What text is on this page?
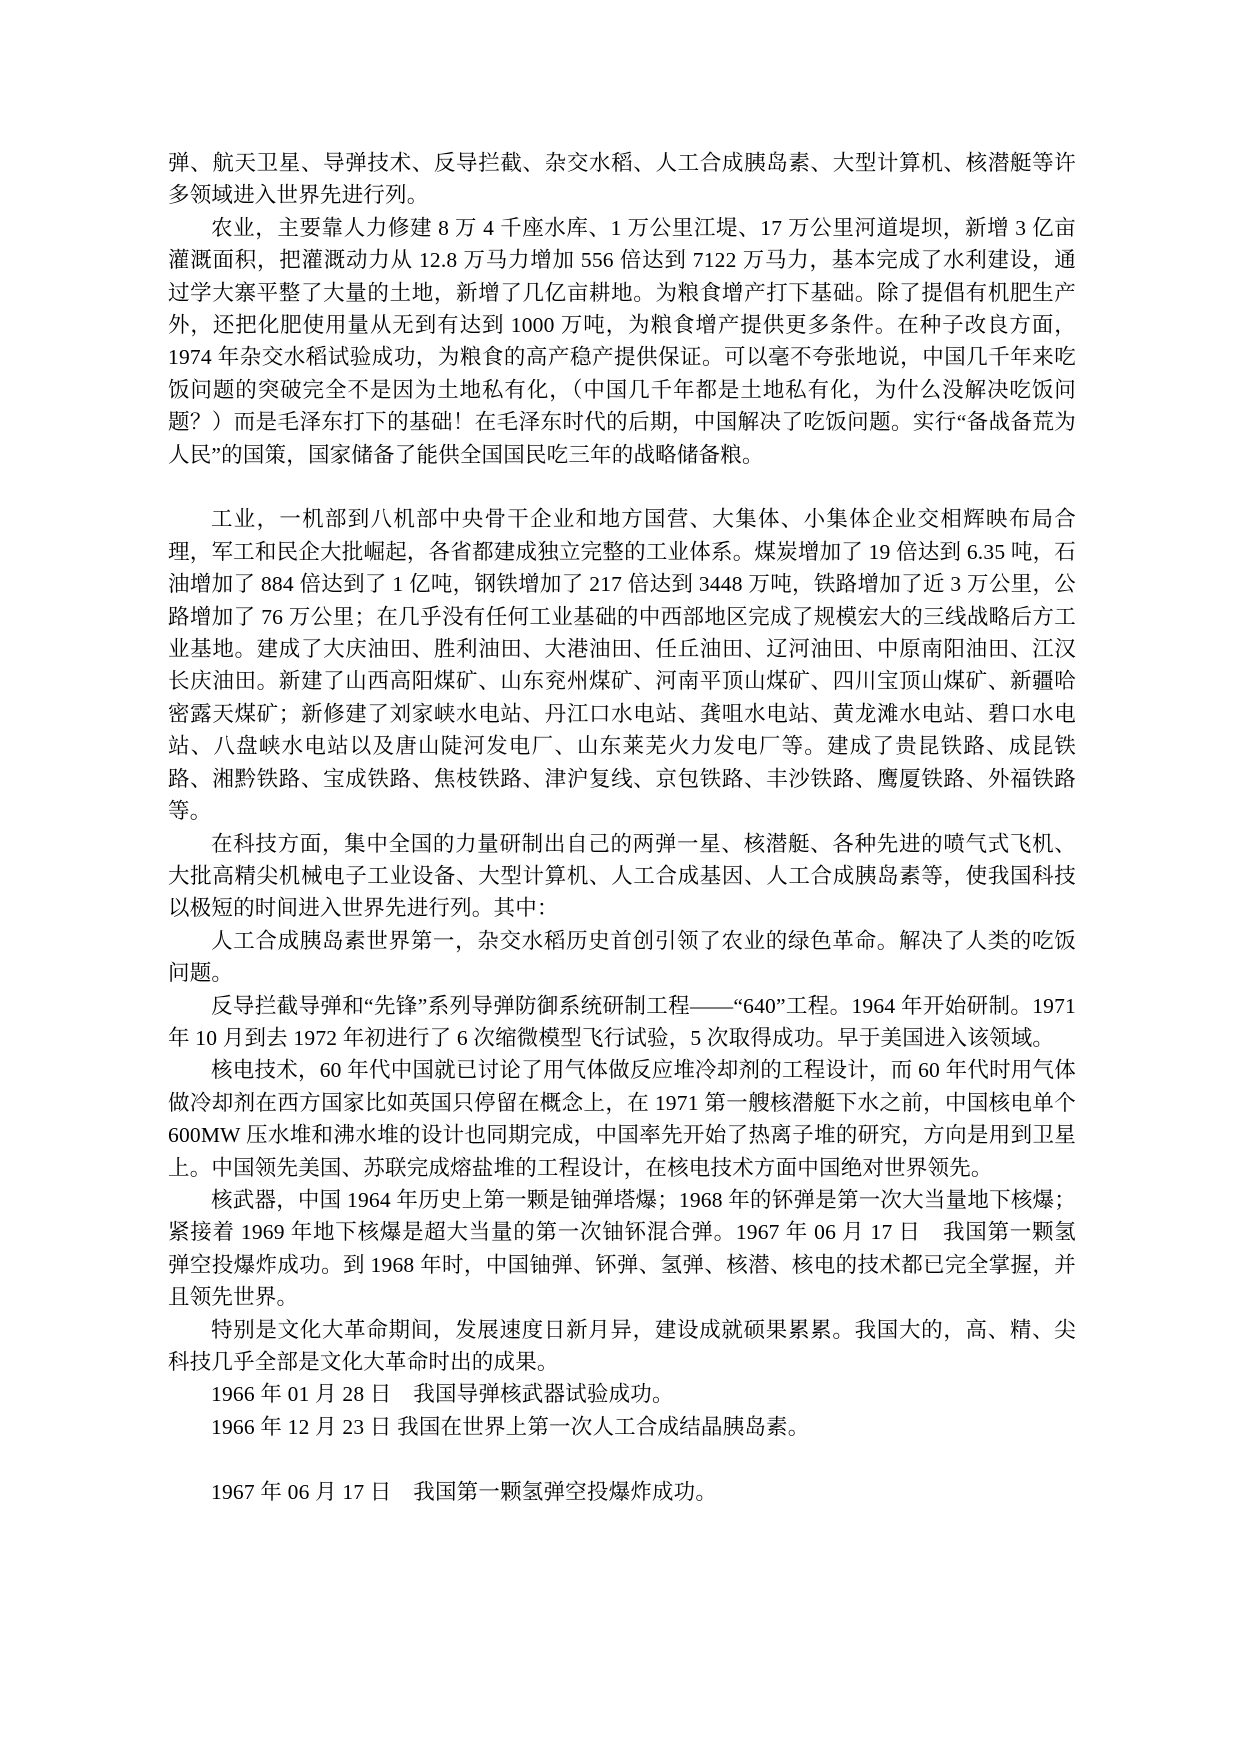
弹、航天卫星、导弹技术、反导拦截、杂交水稻、人工合成胰岛素、大型计算机、核潜艇等许多领域进入世界先进行列。

农业，主要靠人力修建 8 万 4 千座水库、1 万公里江堤、17 万公里河道堤坝，新增 3 亿亩灌溉面积，把灌溉动力从 12.8 万马力增加 556 倍达到 7122 万马力，基本完成了水利建设，通过学大寨平整了大量的土地，新增了几亿亩耕地。为粮食增产打下基础。除了提倡有机肥生产外，还把化肥使用量从无到有达到 1000 万吨，为粮食增产提供更多条件。在种子改良方面，1974 年杂交水稻试验成功，为粮食的高产稳产提供保证。可以毫不夸张地说，中国几千年来吃饭问题的突破完全不是因为土地私有化，（中国几千年都是土地私有化，为什么没解决吃饭问题？）而是毛泽东打下的基础！在毛泽东时代的后期，中国解决了吃饭问题。实行“备战备荒为人民”的国策，国家储备了能供全国国民吃三年的战略储备粮。

工业，一机部到八机部中央骨干企业和地方国营、大集体、小集体企业交相辉映布局合理，军工和民企大批崛起，各省都建成独立完整的工业体系。煤炭增加了 19 倍达到 6.35 吨，石油增加了 884 倍达到了 1 亿吨，钢铁增加了 217 倍达到 3448 万吨，铁路增加了近 3 万公里，公路增加了 76 万公里；在几乎没有任何工业基础的中西部地区完成了规模宏大的三线战略后方工业基地。建成了大庆油田、胜利油田、大港油田、任丘油田、辽河油田、中原南阳油田、江汉长庆油田。新建了山西高阳煤矿、山东兖州煤矿、河南平顶山煤矿、四川宝顶山煤矿、新疆哈密露天煤矿；新修建了刘家峡水电站、丹江口水电站、龚咀水电站、黄龙滩水电站、碧口水电站、八盘峡水电站以及唐山陡河发电厂、山东莱芜火力发电厂等。建成了贵昆铁路、成昆铁路、湘黔铁路、宝成铁路、焦枝铁路、津沪复线、京包铁路、丰沙铁路、鹰厦铁路、外福铁路等。

在科技方面，集中全国的力量研制出自己的两弹一星、核潜艇、各种先进的喷气式飞机、大批高精尖机械电子工业设备、大型计算机、人工合成基因、人工合成胰岛素等，使我国科技以极短的时间进入世界先进行列。其中：

人工合成胰岛素世界第一，杂交水稻历史首创引领了农业的绿色革命。解决了人类的吃饭问题。

反导拦截导弹和“先锋”系列导弹防御系统研制工程——“640”工程。1964 年开始研制。1971 年 10 月到去 1972 年初进行了 6 次缩微模型飞行试验，5 次取得成功。早于美国进入该领域。

核电技术，60 年代中国就已讨论了用气体做反应堆冷却剂的工程设计，而 60 年代时用气体做冷却剂在西方国家比如英国只停留在概念上，在 1971 第一艘核潜艇下水之前，中国核电单个 600MW 压水堆和沸水堆的设计也同期完成，中国率先开始了热离子堆的研究，方向是用到卫星上。中国领先美国、苏联完成熔盐堆的工程设计，在核电技术方面中国绝对世界领先。

核武器，中国 1964 年历史上第一颗是铀弹塔爆；1968 年的钚弹是第一次大当量地下核爆；紧接着 1969 年地下核爆是超大当量的第一次铀钚混合弹。1967 年 06 月 17 日　我国第一颗氢弹空投爆炸成功。到 1968 年时，中国铀弹、钚弹、氢弹、核潜、核电的技术都已完全掌握，并且领先世界。

特别是文化大革命期间，发展速度日新月异，建设成就硕果累累。我国大的，高、精、尖科技几乎全部是文化大革命时出的成果。

1966 年 01 月 28 日　我国导弹核武器试验成功。

1966 年 12 月 23 日 我国在世界上第一次人工合成结晶胰岛素。

1967 年 06 月 17 日　我国第一颗氢弹空投爆炸成功。
